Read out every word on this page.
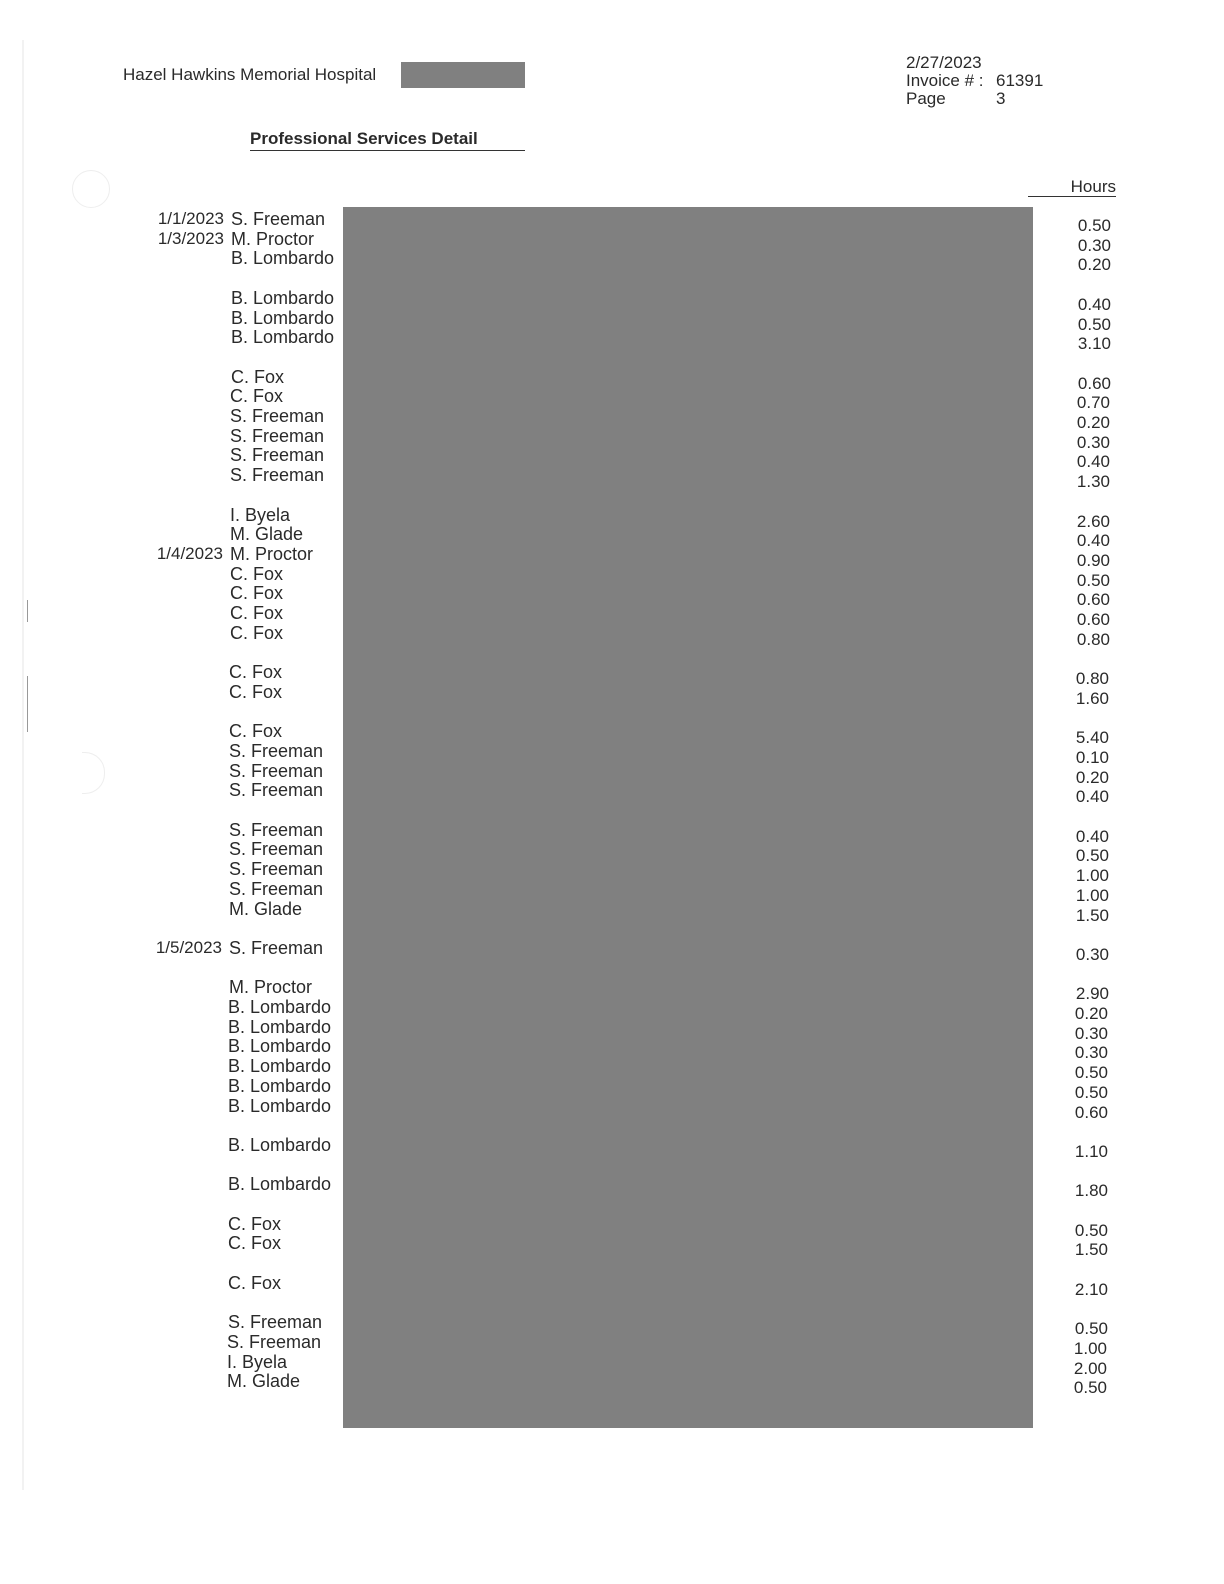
Hazel Hawkins Memorial Hospital
2/27/2023
Invoice # : 61391
Page	3
Professional Services Detail
Hours
1/1/2023 S. Freeman	0.50
1/3/2023 M. Proctor	0.30
B. Lombardo	0.20
B. Lombardo	0.40
B. Lombardo	0.50
B. Lombardo	3.10
C. Fox	0.60
C. Fox	0.70
S. Freeman	0.20
S. Freeman	0.30
S. Freeman	0.40
S. Freeman	1.30
I. Byela	2.60
M. Glade	0.40
1/4/2023 M. Proctor	0.90
C. Fox	0.50
C. Fox	0.60
C. Fox	0.60
C. Fox	0.80
C. Fox	0.80
C. Fox	1.60
C. Fox	5.40
S. Freeman	0.10
S. Freeman	0.20
S. Freeman	0.40
S. Freeman	0.40
S. Freeman	0.50
S. Freeman	1.00
S. Freeman	1.00
M. Glade	1.50
1/5/2023 S. Freeman	0.30
M. Proctor	2.90
B. Lombardo	0.20
B. Lombardo	0.30
B. Lombardo	0.30
B. Lombardo	0.50
B. Lombardo	0.50
B. Lombardo	0.60
B. Lombardo	1.10
B. Lombardo	1.80
C. Fox	0.50
C. Fox	1.50
C. Fox	2.10
S. Freeman	0.50
S. Freeman	1.00
I. Byela	2.00
M. Glade	0.50
